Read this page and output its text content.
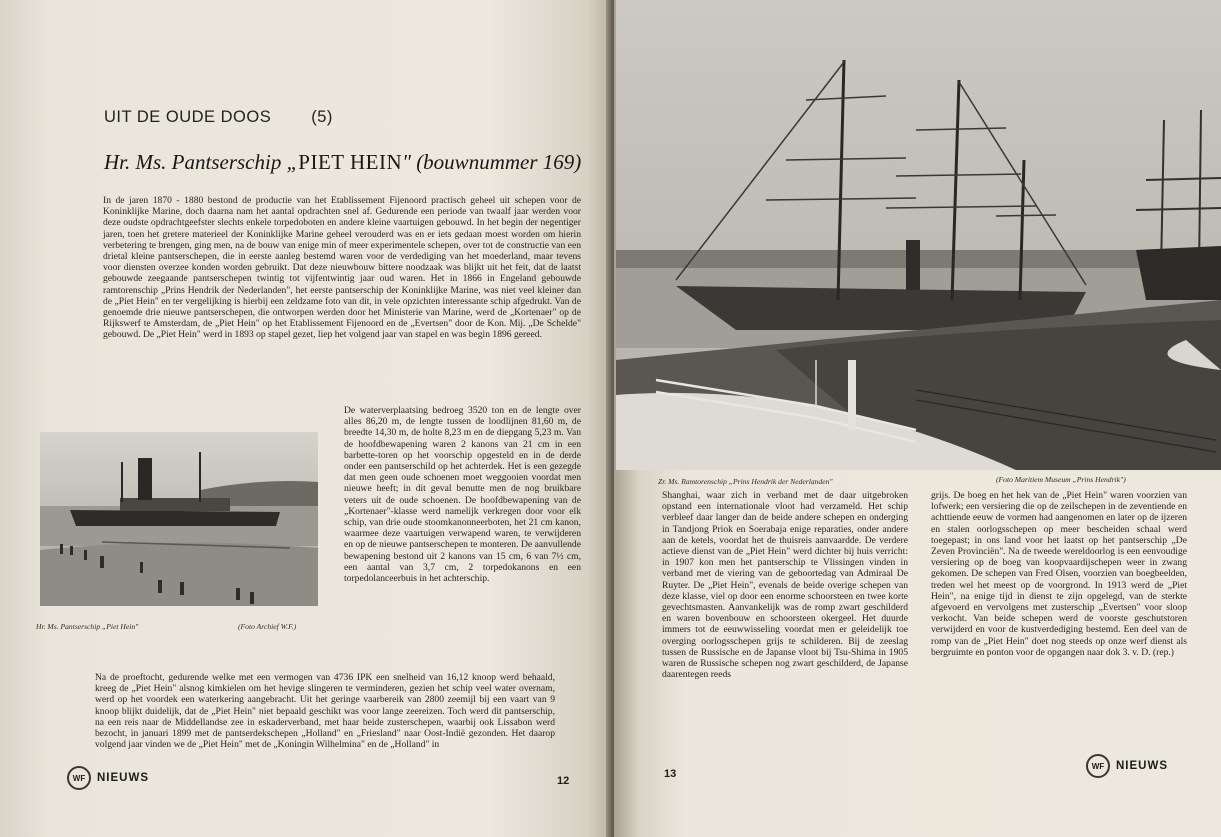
UIT DE OUDE DOOS (5)
Hr. Ms. Pantserschip „PIET HEIN" (bouwnummer 169)

In de jaren 1870 - 1880 bestond de productie van het Etablissement Fijenoord practisch geheel uit schepen voor de Koninklijke Marine, doch daarna nam het aantal opdrachten snel af. Gedurende een periode van twaalf jaar werden voor deze oudste opdrachtgeefster slechts enkele torpedoboten en andere kleine vaartuigen gebouwd. In het begin der negentiger jaren, toen het gretere materieel der Koninklijke Marine geheel verouderd was en er iets gedaan moest worden om hierin verbetering te brengen, ging men, na de bouw van enige min of meer experimentele schepen, over tot de constructie van een drietal kleine pantserschepen, die in eerste aanleg bestemd waren voor de verdediging van het moederland, maar tevens voor diensten overzee konden worden gebruikt. Dat deze nieuwbouw bittere noodzaak was blijkt uit het feit, dat de laatst gebouwde zeegaande pantserschepen twintig tot vijfentwintig jaar oud waren. Het in 1866 in Engeland gebouwde ramtorenschip „Prins Hendrik der Nederlanden", het eerste pantserschip der Koninklijke Marine, was niet veel kleiner dan de „Piet Hein" en ter vergelijking is hierbij een zeldzame foto van dit, in vele opzichten interessante schip afgedrukt. Van de genoemde drie nieuwe pantserschepen, die ontworpen werden door het Ministerie van Marine, werd de „Kortenaer" op de Rijkswerf te Amsterdam, de „Piet Hein" op het Etablissement Fijenoord en de „Evertsen" door de Kon. Mij. „De Schelde" gebouwd. De „Piet Hein" werd in 1893 op stapel gezet, liep het volgend jaar van stapel en was begin 1896 gereed.

Hr. Ms. Pantserschip „Piet Hein"	(Foto Archief W.F.)

De waterverplaatsing bedroeg 3520 ton en de lengte over alles 86,20 m, de lengte tussen de loodlijnen 81,60 m, de breedte 14,30 m, de holte 8,23 m en de diepgang 5,23 m. Van de hoofdbewapening waren 2 kanons van 21 cm in een barbette-toren op het voorschip opgesteld en in de derde onder een pantserschild op het achterdek. Het is een gezegde dat men geen oude schoenen moet weggooien voordat men nieuwe heeft; in dit geval benutte men de nog bruikbare veters uit de oude schoenen. De hoofdbewapening van de „Kortenaer"-klasse werd namelijk verkregen door voor elk schip, van drie oude stoomkanonneerboten, het 21 cm kanon, waarmee deze vaartuigen verwapend waren, te verwijderen en op de nieuwe pantserschepen te monteren. De aanvullende bewapening bestond uit 2 kanons van 15 cm, 6 van 7½ cm, een aantal van 3,7 cm, 2 torpedokanons en een torpedolanceerbuis in het achterschip.

Na de proeftocht, gedurende welke met een vermogen van 4736 IPK een snelheid van 16,12 knoop werd behaald, kreeg de „Piet Hein" alsnog kimkielen om het hevige slingeren te verminderen, gezien het schip veel water overnam, werd op het voordek een waterkering aangebracht. Uit het geringe vaarbereik van 2800 zeemijl bij een vaart van 9 knoop blijkt duidelijk, dat de „Piet Hein" niet bepaald geschikt was voor lange zeereizen. Toch werd dit pantserschip, na een reis naar de Middellandse zee in eskaderverband, met haar beide zusterschepen, waarbij ook Lissabon werd bezocht, in januari 1899 met de pantserdekschepen „Holland" en „Friesland" naar Oost-Indië gezonden. Het daarop volgend jaar vinden we de „Piet Hein" met de „Koningin Wilhelmina" en de „Holland" in

WF	NIEUWS	12
Zr. Ms. Ramtorenschip „Prins Hendrik der Nederlanden"	(Foto Maritiem Museum „Prins Hendrik")

Shanghai, waar zich in verband met de daar uitgebroken opstand een internationale vloot had verzameld. Het schip verbleef daar langer dan de beide andere schepen en onderging in Tandjong Priok en Soerabaja enige reparaties, onder andere aan de ketels, voordat het de thuisreis aanvaardde. De verdere actieve dienst van de „Piet Hein" werd dichter bij huis verricht: in 1907 kon men het pantserschip te Vlissingen vinden in verband met de viering van de geboortedag van Admiraal De Ruyter. De „Piet Hein", evenals de beide overige schepen van deze klasse, viel op door een enorme schoorsteen en twee korte gevechtsmasten. Aanvankelijk was de romp zwart geschilderd en waren bovenbouw en schoorsteen okergeel. Het duurde immers tot de eeuwwisseling voordat men er geleidelijk toe overging oorlogsschepen grijs te schilderen. Bij de zeeslag tussen de Russische en de Japanse vloot bij Tsu-Shima in 1905 waren de Russische schepen nog zwart geschilderd, de Japanse daarentegen reeds

grijs. De boeg en het hek van de „Piet Hein" waren voorzien van lofwerk; een versiering die op de zeilschepen in de zeventiende en achttiende eeuw de vormen had aangenomen en later op de ijzeren en stalen oorlogsschepen op meer bescheiden schaal werd toegepast; in ons land voor het laatst op het pantserschip „De Zeven Provinciën". Na de tweede wereldoorlog is een eenvoudige versiering op de boeg van koopvaardijschepen weer in zwang gekomen. De schepen van Fred Olsen, voorzien van boegbeelden, treden wel het meest op de voorgrond. In 1913 werd de „Piet Hein", na enige tijd in dienst te zijn opgelegd, van de sterkte afgevoerd en vervolgens met zusterschip „Evertsen" voor sloop verkocht. Van beide schepen werd de voorste geschutstoren verwijderd en voor de kustverdediging bestemd. Een deel van de romp van de „Piet Hein" doet nog steeds op onze werf dienst als bergruimte en ponton voor de opgangen naar dok 3. v. D. (rep.)

13
WF	NIEUWS
